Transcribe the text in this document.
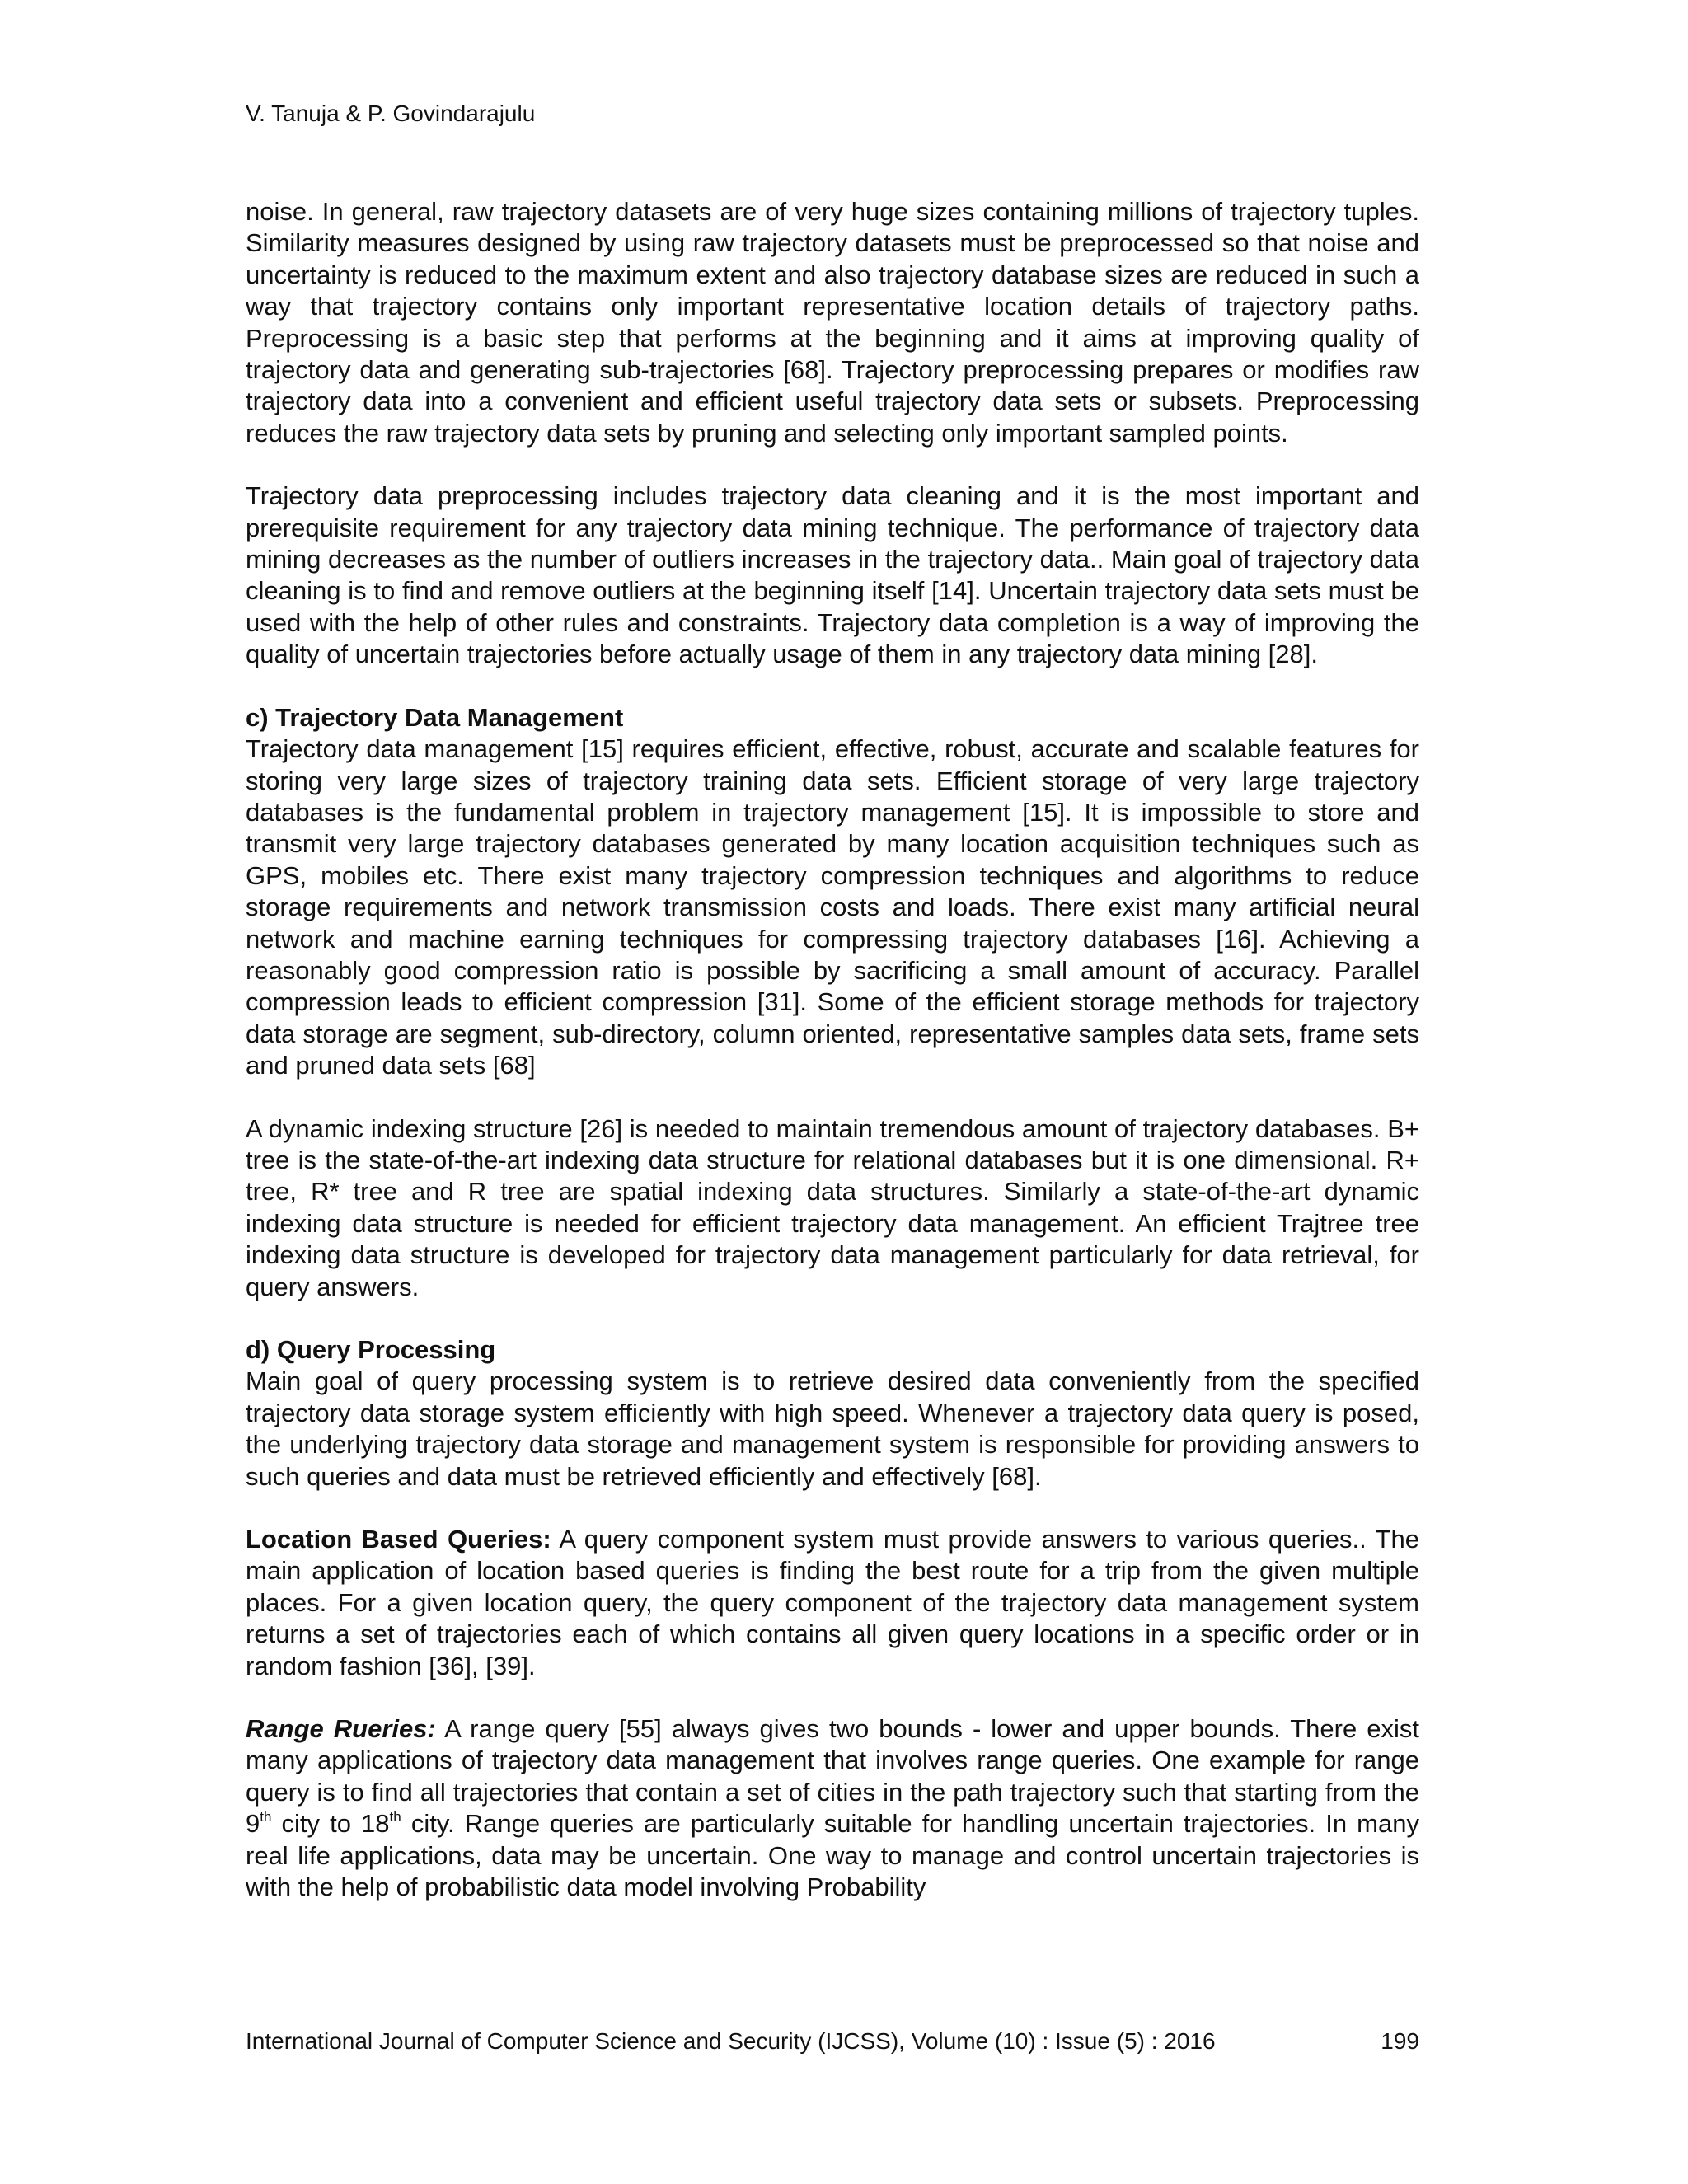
V. Tanuja & P. Govindarajulu

noise. In general, raw trajectory datasets are of very huge sizes containing millions of trajectory tuples. Similarity measures designed by using raw trajectory datasets must be preprocessed so that noise and uncertainty is reduced to the maximum extent and also trajectory database sizes are reduced in such a way that trajectory contains only important representative location details of trajectory paths. Preprocessing is a basic step that performs at the beginning and it aims at improving quality of trajectory data and generating sub-trajectories [68]. Trajectory preprocessing prepares or modifies raw trajectory data into a convenient and efficient useful trajectory data sets or subsets. Preprocessing reduces the raw trajectory data sets by pruning and selecting only important sampled points.

Trajectory data preprocessing includes trajectory data cleaning and it is the most important and prerequisite requirement for any trajectory data mining technique. The performance of trajectory data mining decreases as the number of outliers increases in the trajectory data.. Main goal of trajectory data cleaning is to find and remove outliers at the beginning itself [14]. Uncertain trajectory data sets must be used with the help of other rules and constraints. Trajectory data completion is a way of improving the quality of uncertain trajectories before actually usage of them in any trajectory data mining [28].

c) Trajectory Data Management

Trajectory data management [15] requires efficient, effective, robust, accurate and scalable features for storing very large sizes of trajectory training data sets. Efficient storage of very large trajectory databases is the fundamental problem in trajectory management [15]. It is impossible to store and transmit very large trajectory databases generated by many location acquisition techniques such as GPS, mobiles etc. There exist many trajectory compression techniques and algorithms to reduce storage requirements and network transmission costs and loads. There exist many artificial neural network and machine earning techniques for compressing trajectory databases [16]. Achieving a reasonably good compression ratio is possible by sacrificing a small amount of accuracy. Parallel compression leads to efficient compression [31]. Some of the efficient storage methods for trajectory data storage are segment, sub-directory, column oriented, representative samples data sets, frame sets and pruned data sets [68]

A dynamic indexing structure [26] is needed to maintain tremendous amount of trajectory databases. B+ tree is the state-of-the-art indexing data structure for relational databases but it is one dimensional. R+ tree, R* tree and R tree are spatial indexing data structures. Similarly a state-of-the-art dynamic indexing data structure is needed for efficient trajectory data management. An efficient Trajtree tree indexing data structure is developed for trajectory data management particularly for data retrieval, for query answers.

d) Query Processing

Main goal of query processing system is to retrieve desired data conveniently from the specified trajectory data storage system efficiently with high speed. Whenever a trajectory data query is posed, the underlying trajectory data storage and management system is responsible for providing answers to such queries and data must be retrieved efficiently and effectively [68].

Location Based Queries: A query component system must provide answers to various queries.. The main application of location based queries is finding the best route for a trip from the given multiple places. For a given location query, the query component of the trajectory data management system returns a set of trajectories each of which contains all given query locations in a specific order or in random fashion [36], [39].

Range Rueries: A range query [55] always gives two bounds - lower and upper bounds. There exist many applications of trajectory data management that involves range queries. One example for range query is to find all trajectories that contain a set of cities in the path trajectory such that starting from the 9th city to 18th city. Range queries are particularly suitable for handling uncertain trajectories. In many real life applications, data may be uncertain. One way to manage and control uncertain trajectories is with the help of probabilistic data model involving Probability

International Journal of Computer Science and Security (IJCSS), Volume (10) : Issue (5) : 2016	199
